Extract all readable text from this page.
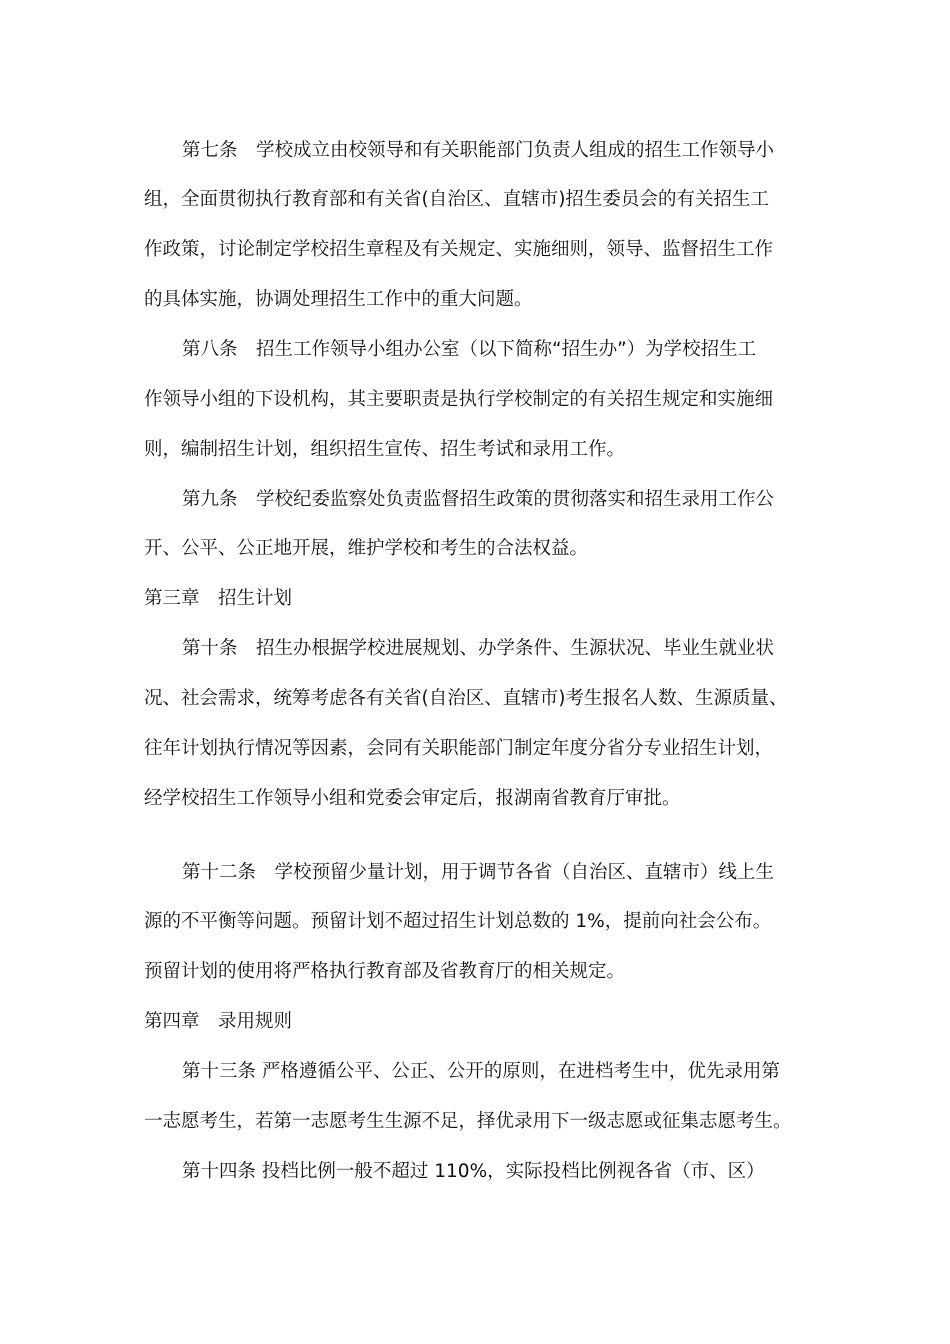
第七条　学校成立由校领导和有关职能部门负责人组成的招生工作领导小
组，全面贯彻执行教育部和有关省(自治区、直辖市)招生委员会的有关招生工
作政策，讨论制定学校招生章程及有关规定、实施细则，领导、监督招生工作
的具体实施，协调处理招生工作中的重大问题。
第八条　招生工作领导小组办公室（以下简称“招生办”）为学校招生工
作领导小组的下设机构，其主要职责是执行学校制定的有关招生规定和实施细
则，编制招生计划，组织招生宣传、招生考试和录用工作。
第九条　学校纪委监察处负责监督招生政策的贯彻落实和招生录用工作公
开、公平、公正地开展，维护学校和考生的合法权益。
第三章　招生计划
第十条　招生办根据学校进展规划、办学条件、生源状况、毕业生就业状
况、社会需求，统筹考虑各有关省(自治区、直辖市)考生报名人数、生源质量、
往年计划执行情况等因素，会同有关职能部门制定年度分省分专业招生计划，
经学校招生工作领导小组和党委会审定后，报湖南省教育厅审批。
第十二条　学校预留少量计划，用于调节各省（自治区、直辖市）线上生
源的不平衡等问题。预留计划不超过招生计划总数的 1%，提前向社会公布。
预留计划的使用将严格执行教育部及省教育厅的相关规定。
第四章　录用规则
第十三条 严格遵循公平、公正、公开的原则，在进档考生中，优先录用第
一志愿考生，若第一志愿考生生源不足，择优录用下一级志愿或征集志愿考生。
第十四条 投档比例一般不超过 110%，实际投档比例视各省（市、区）
